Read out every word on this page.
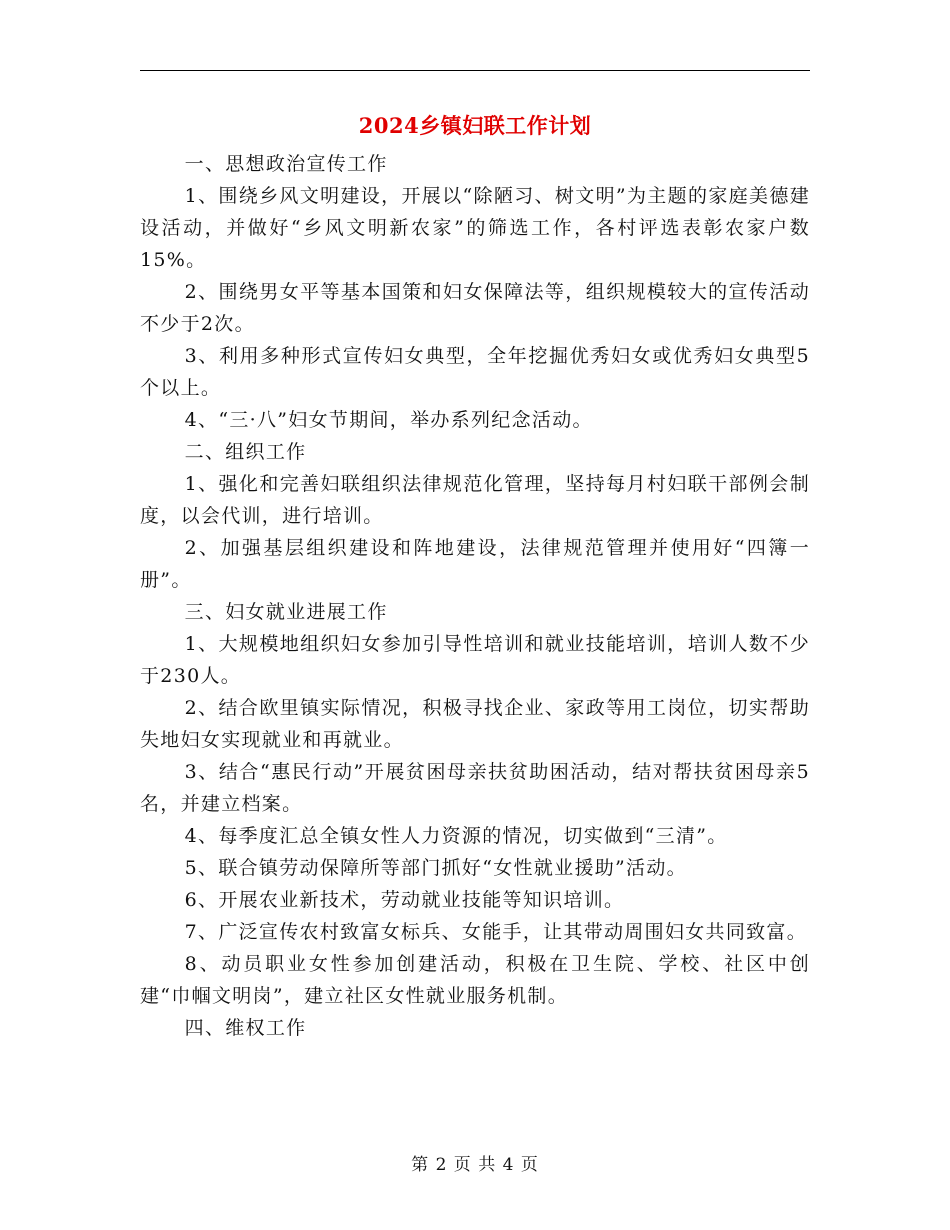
2024乡镇妇联工作计划

一、思想政治宣传工作

1、围绕乡风文明建设，开展以“除陋习、树文明”为主题的家庭美德建设活动，并做好“乡风文明新农家”的筛选工作，各村评选表彰农家户数15%。

2、围绕男女平等基本国策和妇女保障法等，组织规模较大的宣传活动不少于2次。

3、利用多种形式宣传妇女典型，全年挖掘优秀妇女或优秀妇女典型5个以上。

4、“三·八”妇女节期间，举办系列纪念活动。

二、组织工作

1、强化和完善妇联组织法律规范化管理，坚持每月村妇联干部例会制度，以会代训，进行培训。

2、加强基层组织建设和阵地建设，法律规范管理并使用好“四簿一册”。

三、妇女就业进展工作

1、大规模地组织妇女参加引导性培训和就业技能培训，培训人数不少于230人。

2、结合欧里镇实际情况，积极寻找企业、家政等用工岗位，切实帮助失地妇女实现就业和再就业。

3、结合“惠民行动”开展贫困母亲扶贫助困活动，结对帮扶贫困母亲5名，并建立档案。

4、每季度汇总全镇女性人力资源的情况，切实做到“三清”。

5、联合镇劳动保障所等部门抓好“女性就业援助”活动。

6、开展农业新技术，劳动就业技能等知识培训。

7、广泛宣传农村致富女标兵、女能手，让其带动周围妇女共同致富。

8、动员职业女性参加创建活动，积极在卫生院、学校、社区中创建“巾帼文明岗”，建立社区女性就业服务机制。

四、维权工作

第 2 页 共 4 页
